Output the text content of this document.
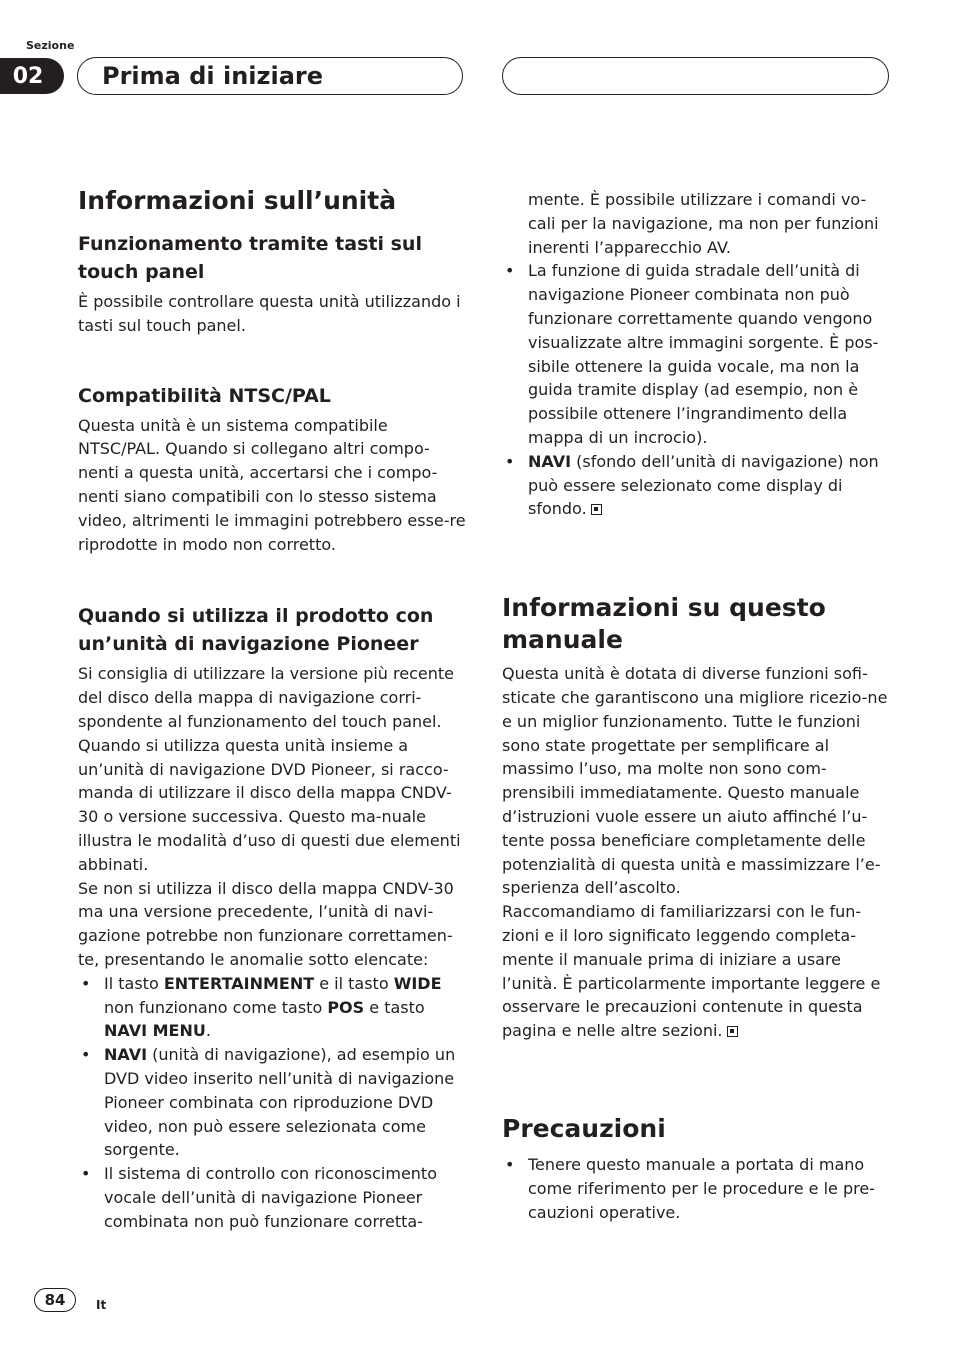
Sezione
02	Prima di iniziare
Informazioni sull’unità
Funzionamento tramite tasti sul touch panel

È possibile controllare questa unità utilizzando i tasti sul touch panel.

Compatibilità NTSC/PAL

Questa unità è un sistema compatibile NTSC/PAL. Quando si collegano altri compo-nenti a questa unità, accertarsi che i compo-nenti siano compatibili con lo stesso sistema video, altrimenti le immagini potrebbero esse-re riprodotte in modo non corretto.

Quando si utilizza il prodotto con un’unità di navigazione Pioneer

Si consiglia di utilizzare la versione più recente del disco della mappa di navigazione corri-spondente al funzionamento del touch panel. Quando si utilizza questa unità insieme a un’unità di navigazione DVD Pioneer, si racco-manda di utilizzare il disco della mappa CNDV-30 o versione successiva. Questo ma-nuale illustra le modalità d’uso di questi due elementi abbinati.

Se non si utilizza il disco della mappa CNDV-30 ma una versione precedente, l’unità di navi-gazione potrebbe non funzionare correttamen-te, presentando le anomalie sotto elencate:

• Il tasto ENTERTAINMENT e il tasto WIDE non funzionano come tasto POS e tasto NAVI MENU.
• NAVI (unità di navigazione), ad esempio un DVD video inserito nell’unità di navigazione Pioneer combinata con riproduzione DVD video, non può essere selezionata come sorgente.
• Il sistema di controllo con riconoscimento vocale dell’unità di navigazione Pioneer combinata non può funzionare corretta-

mente. È possibile utilizzare i comandi vo-cali per la navigazione, ma non per funzioni inerenti l’apparecchio AV.

• La funzione di guida stradale dell’unità di navigazione Pioneer combinata non può funzionare correttamente quando vengono visualizzate altre immagini sorgente. È pos-sibile ottenere la guida vocale, ma non la guida tramite display (ad esempio, non è possibile ottenere l’ingrandimento della mappa di un incrocio).
• NAVI (sfondo dell’unità di navigazione) non può essere selezionato come display di sfondo.
Informazioni su questo manuale

Questa unità è dotata di diverse funzioni sofi-sticate che garantiscono una migliore ricezio-ne e un miglior funzionamento. Tutte le funzioni sono state progettate per semplificare al massimo l’uso, ma molte non sono com-prensibili immediatamente. Questo manuale d’istruzioni vuole essere un aiuto affinché l’u-tente possa beneficiare completamente delle potenzialità di questa unità e massimizzare l’e-sperienza dell’ascolto.

Raccomandiamo di familiarizzarsi con le fun-zioni e il loro significato leggendo completa-mente il manuale prima di iniziare a usare l’unità. È particolarmente importante leggere e osservare le precauzioni contenute in questa pagina e nelle altre sezioni.

Precauzioni
• Tenere questo manuale a portata di mano come riferimento per le procedure e le pre-cauzioni operative.
84	It
